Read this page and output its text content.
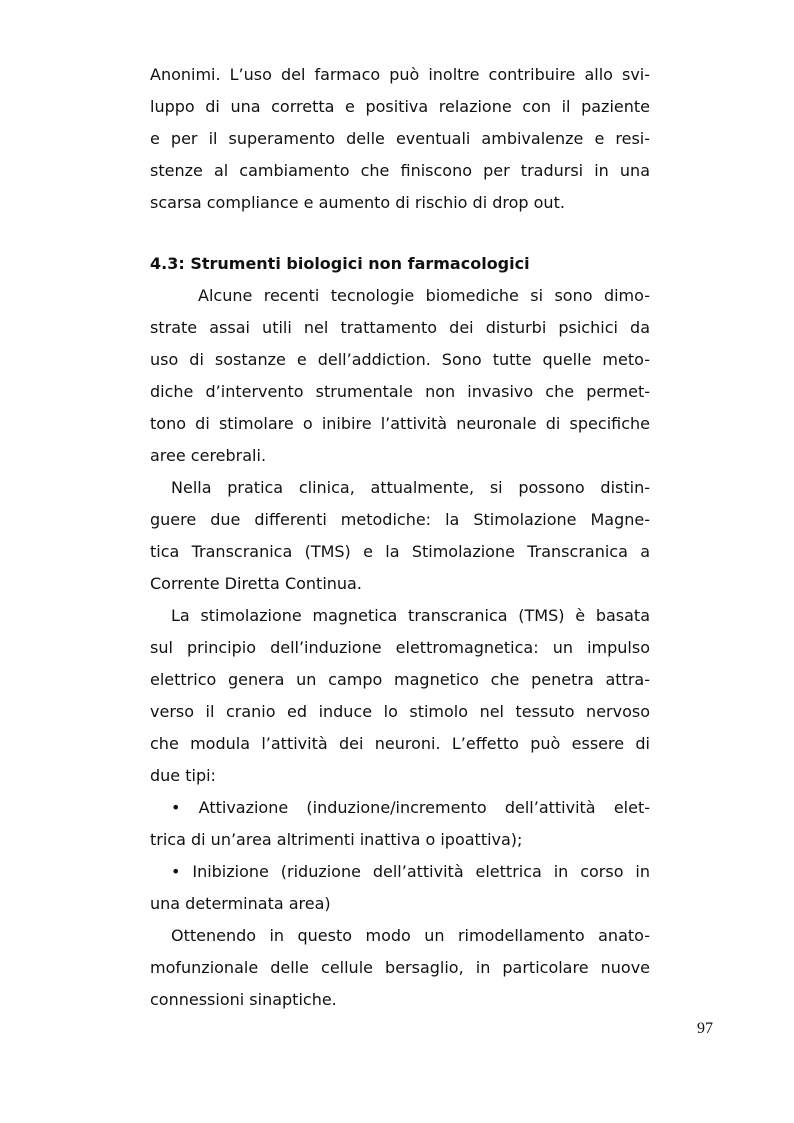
Anonimi. L’uso del farmaco può inoltre contribuire allo svi-
luppo di una corretta e positiva relazione con il paziente
e per il superamento delle eventuali ambivalenze e resi-
stenze al cambiamento che finiscono per tradursi in una
scarsa compliance e aumento di rischio di drop out.
4.3: Strumenti biologici non farmacologici
Alcune recenti tecnologie biomediche si sono dimo-
strate assai utili nel trattamento dei disturbi psichici da
uso di sostanze e dell’addiction. Sono tutte quelle meto-
diche d’intervento strumentale non invasivo che permet-
tono di stimolare o inibire l’attività neuronale di specifiche
aree cerebrali.
Nella pratica clinica, attualmente, si possono distin-
guere due differenti metodiche: la Stimolazione Magne-
tica Transcranica (TMS) e la Stimolazione Transcranica a
Corrente Diretta Continua.
La stimolazione magnetica transcranica (TMS) è basata
sul principio dell’induzione elettromagnetica: un impulso
elettrico genera un campo magnetico che penetra attra-
verso il cranio ed induce lo stimolo nel tessuto nervoso
che modula l’attività dei neuroni. L’effetto può essere di
due tipi:
• Attivazione (induzione/incremento dell’attività elet-
trica di un’area altrimenti inattiva o ipoattiva);
• Inibizione (riduzione dell’attività elettrica in corso in
una determinata area)
Ottenendo in questo modo un rimodellamento anato-
mofunzionale delle cellule bersaglio, in particolare nuove
connessioni sinaptiche.
97
